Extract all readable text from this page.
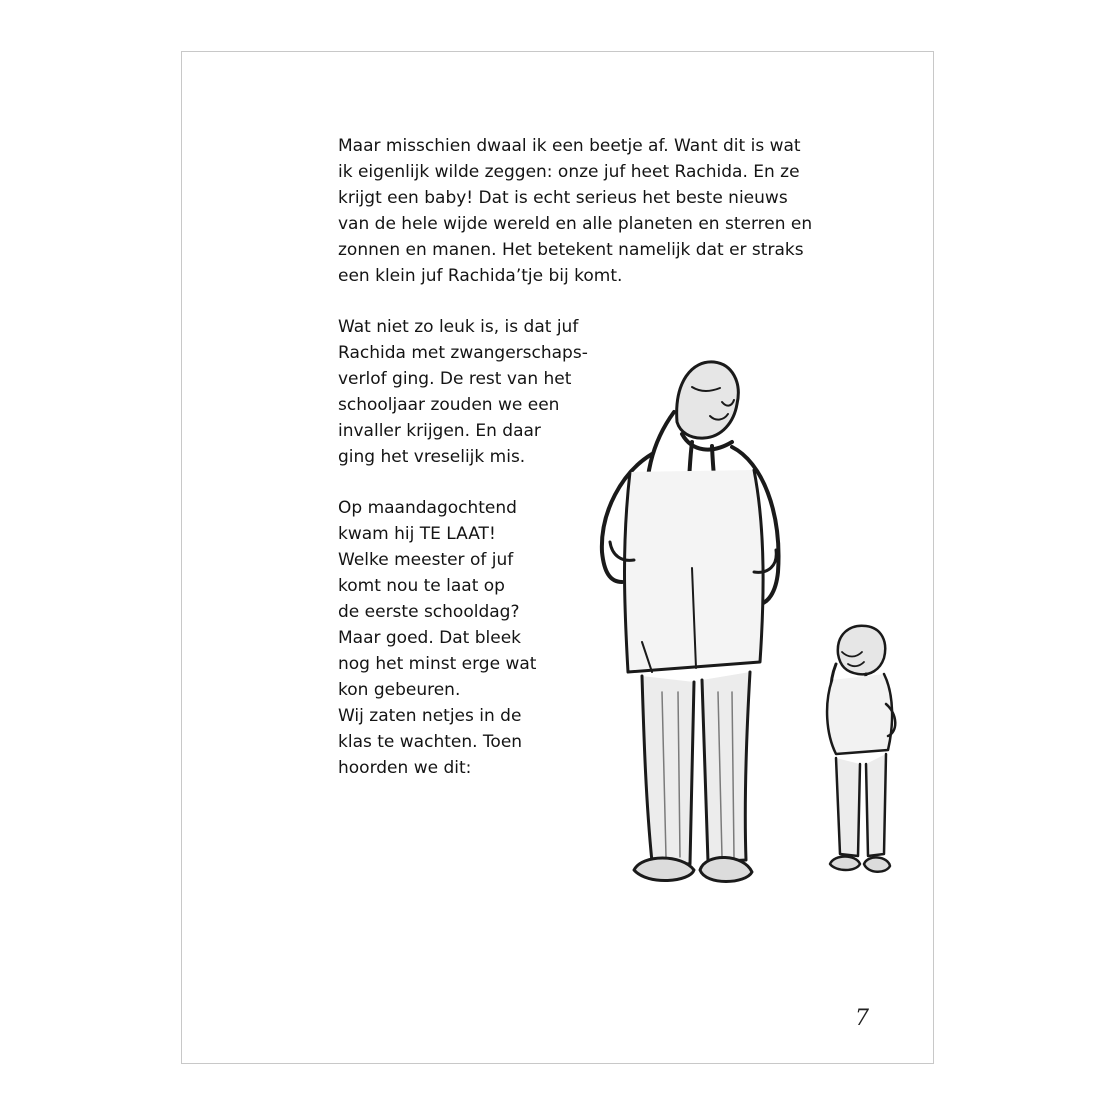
Maar misschien dwaal ik een beetje af. Want dit is wat
ik eigenlijk wilde zeggen: onze juf heet Rachida. En ze
krijgt een baby! Dat is echt serieus het beste nieuws
van de hele wijde wereld en alle planeten en sterren en
zonnen en manen. Het betekent namelijk dat er straks
een klein juf Rachida’tje bij komt.

Wat niet zo leuk is, is dat juf
Rachida met zwangerschaps-
verlof ging. De rest van het
schooljaar zouden we een
invaller krijgen. En daar
ging het vreselijk mis.

Op maandagochtend
kwam hij TE LAAT!
Welke meester of juf
komt nou te laat op
de eerste schooldag?
Maar goed. Dat bleek
nog het minst erge wat
kon gebeuren.
Wij zaten netjes in de
klas te wachten. Toen
hoorden we dit:

7
